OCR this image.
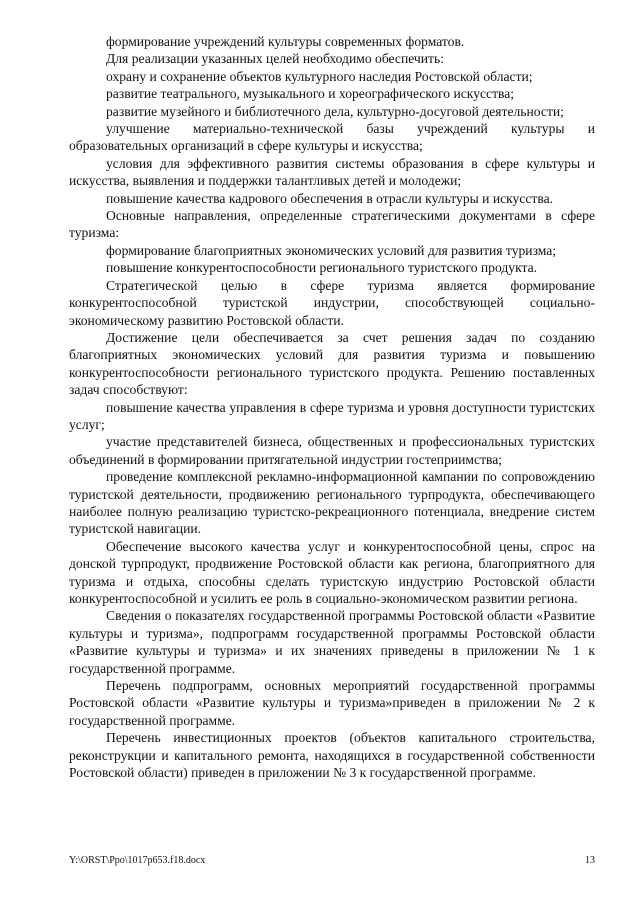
формирование учреждений культуры современных форматов.

Для реализации указанных целей необходимо обеспечить:

охрану и сохранение объектов культурного наследия Ростовской области;

развитие театрального, музыкального и хореографического искусства;

развитие музейного и библиотечного дела, культурно-досуговой деятельности;

улучшение материально-технической базы учреждений культуры и образовательных организаций в сфере культуры и искусства;

условия для эффективного развития системы образования в сфере культуры и искусства, выявления и поддержки талантливых детей и молодежи;

повышение качества кадрового обеспечения в отрасли культуры и искусства.

Основные направления, определенные стратегическими документами в сфере туризма:

формирование благоприятных экономических условий для развития туризма;

повышение конкурентоспособности регионального туристского продукта.

Стратегической целью в сфере туризма является формирование конкурентоспособной туристской индустрии, способствующей социально-экономическому развитию Ростовской области.

Достижение цели обеспечивается за счет решения задач по созданию благоприятных экономических условий для развития туризма и повышению конкурентоспособности регионального туристского продукта. Решению поставленных задач способствуют:

повышение качества управления в сфере туризма и уровня доступности туристских услуг;

участие представителей бизнеса, общественных и профессиональных туристских объединений в формировании притягательной индустрии гостеприимства;

проведение комплексной рекламно-информационной кампании по сопровождению туристской деятельности, продвижению регионального турпродукта, обеспечивающего наиболее полную реализацию туристско-рекреационного потенциала, внедрение систем туристской навигации.

Обеспечение высокого качества услуг и конкурентоспособной цены, спрос на донской турпродукт, продвижение Ростовской области как региона, благоприятного для туризма и отдыха, способны сделать туристскую индустрию Ростовской области конкурентоспособной и усилить ее роль в социально-экономическом развитии региона.

Сведения о показателях государственной программы Ростовской области «Развитие культуры и туризма», подпрограмм государственной программы Ростовской области «Развитие культуры и туризма» и их значениях приведены в приложении № 1 к государственной программе.

Перечень подпрограмм, основных мероприятий государственной программы Ростовской области «Развитие культуры и туризма»приведен в приложении № 2 к государственной программе.

Перечень инвестиционных проектов (объектов капитального строительства, реконструкции и капитального ремонта, находящихся в государственной собственности Ростовской области) приведен в приложении № 3 к государственной программе.

Y:\ORST\Ppo\1017p653.f18.docx	13
